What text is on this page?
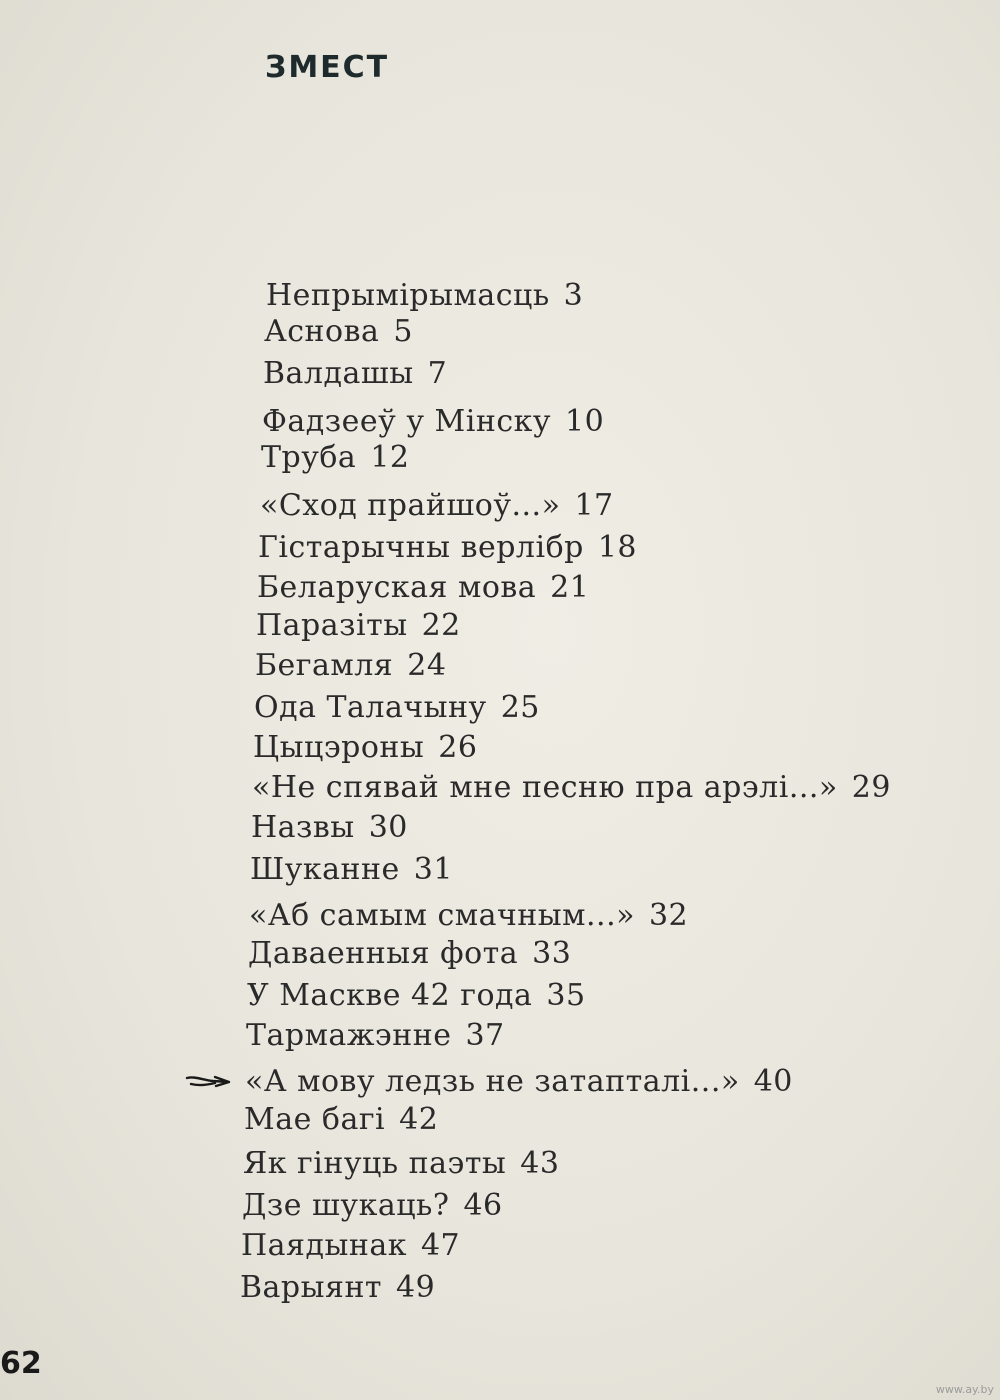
ЗМЕСТ
Непрымірымасць 3
Аснова 5
Валдашы 7
Фадзееў у Мінску 10
Труба 12
«Сход прайшоў...» 17
Гістарычны верлібр 18
Беларуская мова 21
Паразіты 22
Бегамля 24
Ода Талачыну 25
Цыцэроны 26
«Не спявай мне песню пра арэлі...» 29
Назвы 30
Шуканне 31
«Аб самым смачным...» 32
Даваенныя фота 33
У Маскве 42 года 35
Тармажэнне 37
«А мову ледзь не затапталі...» 40
Мае багі 42
Як гінуць паэты 43
Дзе шукаць? 46
Паядынак 47
Варыянт 49
62
www.ay.by
